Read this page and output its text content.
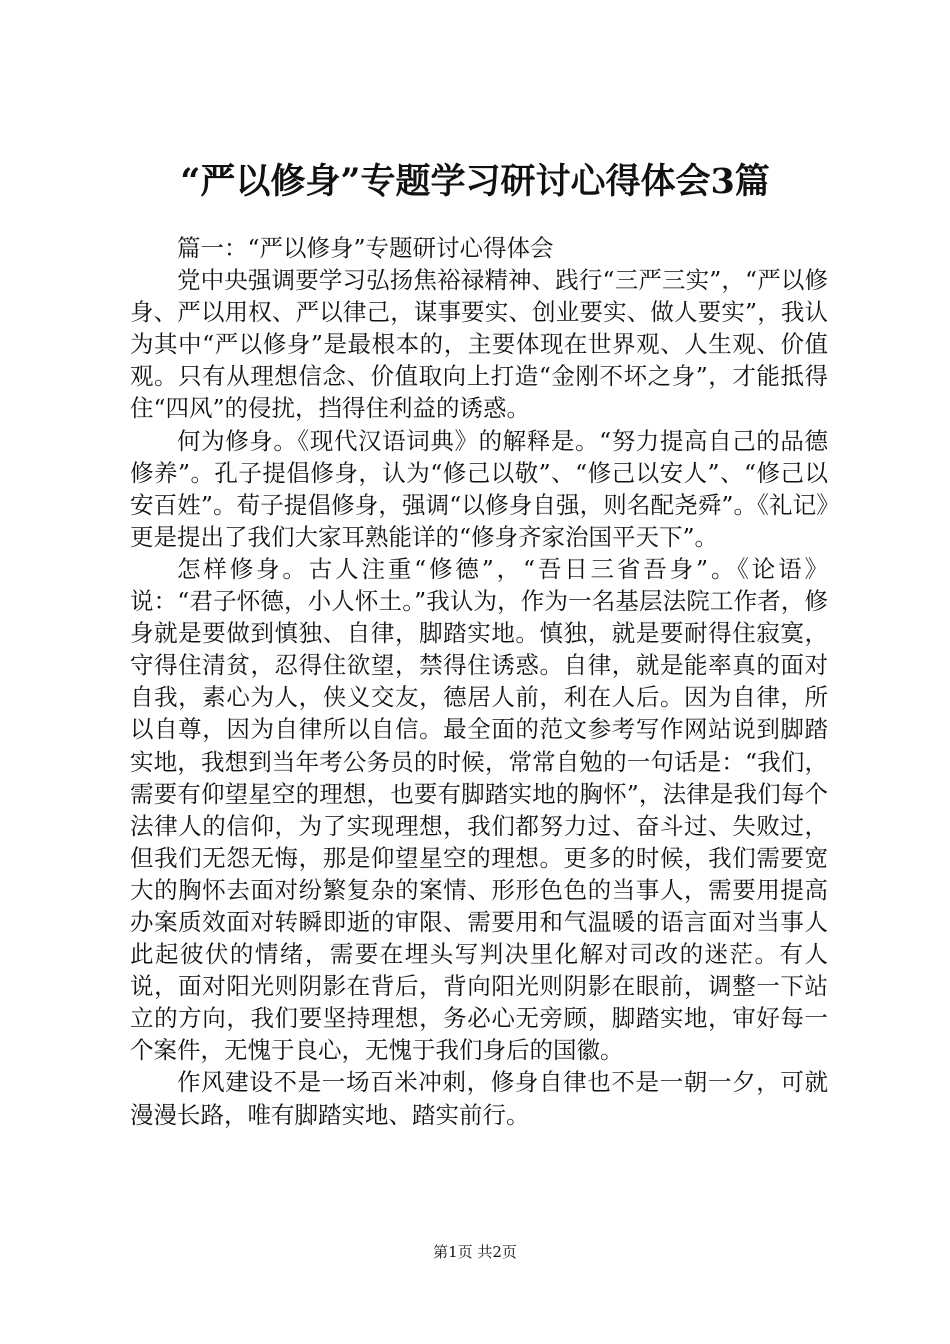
“严以修身”专题学习研讨心得体会3篇

篇一：“严以修身”专题研讨心得体会

党中央强调要学习弘扬焦裕禄精神、践行“三严三实”，“严以修身、严以用权、严以律己，谋事要实、创业要实、做人要实”，我认为其中“严以修身”是最根本的，主要体现在世界观、人生观、价值观。只有从理想信念、价值取向上打造“金刚不坏之身”，才能抵得住“四风”的侵扰，挡得住利益的诱惑。

何为修身。《现代汉语词典》的解释是。“努力提高自己的品德修养”。孔子提倡修身，认为“修己以敬”、“修己以安人”、“修己以安百姓”。荀子提倡修身，强调“以修身自强，则名配尧舜”。《礼记》更是提出了我们大家耳熟能详的“修身齐家治国平天下”。

怎样修身。古人注重“修德”，“吾日三省吾身”。《论语》说：“君子怀德，小人怀土。”我认为，作为一名基层法院工作者，修身就是要做到慎独、自律，脚踏实地。慎独，就是要耐得住寂寞，守得住清贫，忍得住欲望，禁得住诱惑。自律，就是能率真的面对自我，素心为人，侠义交友，德居人前，利在人后。因为自律，所以自尊，因为自律所以自信。最全面的范文参考写作网站说到脚踏实地，我想到当年考公务员的时候，常常自勉的一句话是：“我们，需要有仰望星空的理想，也要有脚踏实地的胸怀”，法律是我们每个法律人的信仰，为了实现理想，我们都努力过、奋斗过、失败过，但我们无怨无悔，那是仰望星空的理想。更多的时候，我们需要宽大的胸怀去面对纷繁复杂的案情、形形色色的当事人，需要用提高办案质效面对转瞬即逝的审限、需要用和气温暖的语言面对当事人此起彼伏的情绪，需要在埋头写判决里化解对司改的迷茫。有人说，面对阳光则阴影在背后，背向阳光则阴影在眼前，调整一下站立的方向，我们要坚持理想，务必心无旁顾，脚踏实地，审好每一个案件，无愧于良心，无愧于我们身后的国徽。

作风建设不是一场百米冲刺，修身自律也不是一朝一夕，可就漫漫长路，唯有脚踏实地、踏实前行。

第1页 共2页
